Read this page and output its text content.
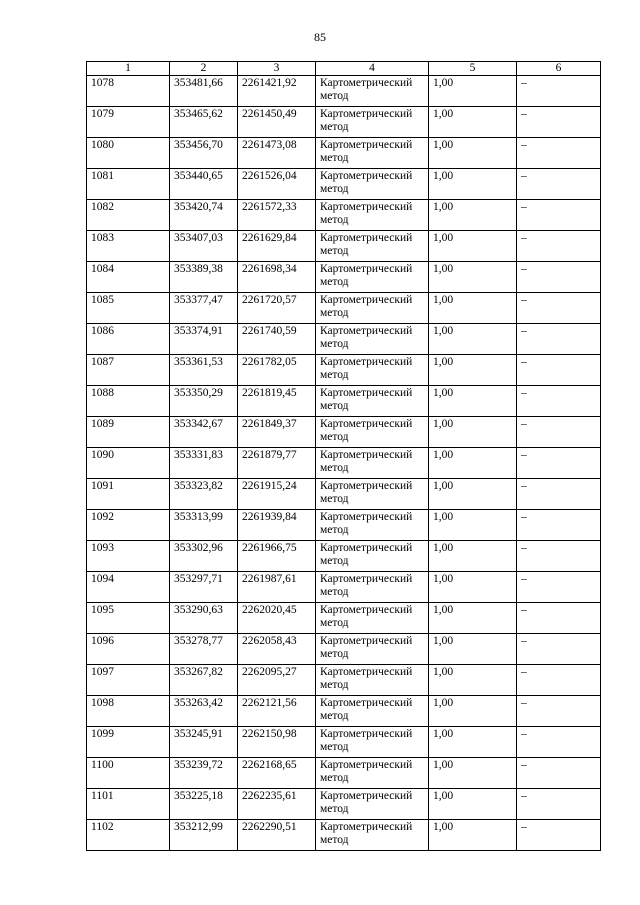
85
1	2	3	4	5	6
1078	353481,66	2261421,92	Картометрический метод	1,00	–
1079	353465,62	2261450,49	Картометрический метод	1,00	–
1080	353456,70	2261473,08	Картометрический метод	1,00	–
1081	353440,65	2261526,04	Картометрический метод	1,00	–
1082	353420,74	2261572,33	Картометрический метод	1,00	–
1083	353407,03	2261629,84	Картометрический метод	1,00	–
1084	353389,38	2261698,34	Картометрический метод	1,00	–
1085	353377,47	2261720,57	Картометрический метод	1,00	–
1086	353374,91	2261740,59	Картометрический метод	1,00	–
1087	353361,53	2261782,05	Картометрический метод	1,00	–
1088	353350,29	2261819,45	Картометрический метод	1,00	–
1089	353342,67	2261849,37	Картометрический метод	1,00	–
1090	353331,83	2261879,77	Картометрический метод	1,00	–
1091	353323,82	2261915,24	Картометрический метод	1,00	–
1092	353313,99	2261939,84	Картометрический метод	1,00	–
1093	353302,96	2261966,75	Картометрический метод	1,00	–
1094	353297,71	2261987,61	Картометрический метод	1,00	–
1095	353290,63	2262020,45	Картометрический метод	1,00	–
1096	353278,77	2262058,43	Картометрический метод	1,00	–
1097	353267,82	2262095,27	Картометрический метод	1,00	–
1098	353263,42	2262121,56	Картометрический метод	1,00	–
1099	353245,91	2262150,98	Картометрический метод	1,00	–
1100	353239,72	2262168,65	Картометрический метод	1,00	–
1101	353225,18	2262235,61	Картометрический метод	1,00	–
1102	353212,99	2262290,51	Картометрический метод	1,00	–
